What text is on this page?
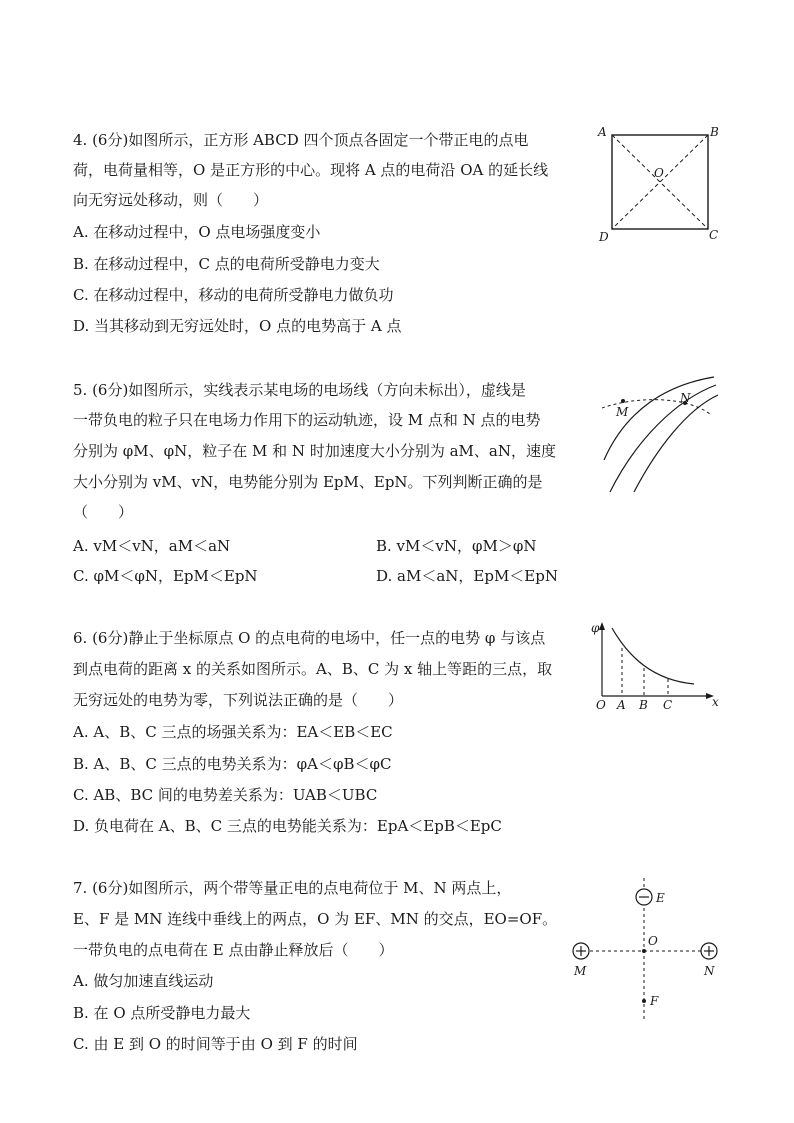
4. (6分)如图所示，正方形 ABCD 四个顶点各固定一个带正电的点电
荷，电荷量相等，O 是正方形的中心。现将 A 点的电荷沿 OA 的延长线
向无穷远处移动，则（　　）
A. 在移动过程中，O 点电场强度变小
B. 在移动过程中，C 点的电荷所受静电力变大
C. 在移动过程中，移动的电荷所受静电力做负功
D. 当其移动到无穷远处时，O 点的电势高于 A 点
A	B
C
D
O
5. (6分)如图所示，实线表示某电场的电场线（方向未标出），虚线是
一带负电的粒子只在电场力作用下的运动轨迹，设 M 点和 N 点的电势
分别为 φM、φN，粒子在 M 和 N 时加速度大小分别为 aM、aN，速度
大小分别为 vM、vN，电势能分别为 EpM、EpN。下列判断正确的是
（　　）
A. vM＜vN，aM＜aN	B. vM＜vN，φM＞φN
C. φM＜φN，EpM＜EpN	D. aM＜aN，EpM＜EpN
M
N
6. (6分)静止于坐标原点 O 的点电荷的电场中，任一点的电势 φ 与该点
到点电荷的距离 x 的关系如图所示。A、B、C 为 x 轴上等距的三点，取
无穷远处的电势为零，下列说法正确的是（　　）
A. A、B、C 三点的场强关系为：EA＜EB＜EC
B. A、B、C 三点的电势关系为：φA＜φB＜φC
C. AB、BC 间的电势差关系为：UAB＜UBC
D. 负电荷在 A、B、C 三点的电势能关系为：EpA＜EpB＜EpC
φ
x
O A B C
7. (6分)如图所示，两个带等量正电的点电荷位于 M、N 两点上，
E、F 是 MN 连线中垂线上的两点，O 为 EF、MN 的交点，EO=OF。
一带负电的点电荷在 E 点由静止释放后（　　）
A. 做匀加速直线运动
B. 在 O 点所受静电力最大
C. 由 E 到 O 的时间等于由 O 到 F 的时间
E
O
M	N
F
